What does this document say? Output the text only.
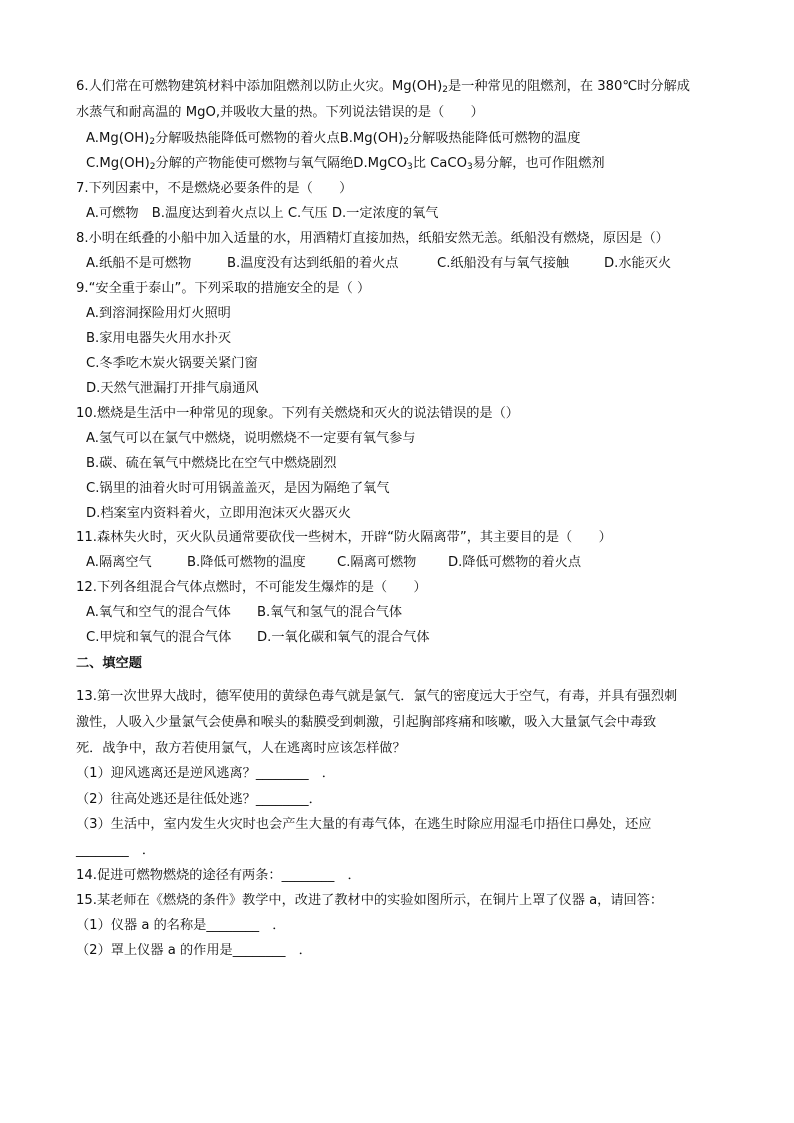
6.人们常在可燃物建筑材料中添加阻燃剂以防止火灾。$Mg(OH)_2$是一种常见的阻燃剂，在 380℃时分解成
水蒸气和耐高温的 MgO,并吸收大量的热。下列说法错误的是（　　）
$A.Mg(OH)_2$分解吸热能降低可燃物的着火点$B.Mg(OH)_2$分解吸热能降低可燃物的温度
$C.Mg(OH)_2$分解的产物能使可燃物与氧气隔绝D.MgCO$_3$比 CaCO$_3$易分解，也可作阻燃剂
7.下列因素中，不是燃烧必要条件的是（　　）
A.可燃物　B.温度达到着火点以上 C.气压 D.一定浓度的氧气
8.小明在纸叠的小船中加入适量的水，用酒精灯直接加热，纸船安然无恙。纸船没有燃烧，原因是（）
A.纸船不是可燃物	B.温度没有达到纸船的着火点	C.纸船没有与氧气接触	D.水能灭火
9.“安全重于泰山”。下列采取的措施安全的是（ ）
A.到溶洞探险用灯火照明
B.家用电器失火用水扑灭
C.冬季吃木炭火锅要关紧门窗
D.天然气泄漏打开排气扇通风
10.燃烧是生活中一种常见的现象。下列有关燃烧和灭火的说法错误的是（）
A.氢气可以在氯气中燃烧，说明燃烧不一定要有氧气参与
B.碳、硫在氧气中燃烧比在空气中燃烧剧烈
C.锅里的油着火时可用锅盖盖灭，是因为隔绝了氧气
D.档案室内资料着火，立即用泡沫灭火器灭火
11.森林失火时，灭火队员通常要砍伐一些树木，开辟“防火隔离带”，其主要目的是（　　）
A.隔离空气	B.降低可燃物的温度 C.隔离可燃物 D.降低可燃物的着火点
12.下列各组混合气体点燃时，不可能发生爆炸的是（　　）
A.氧气和空气的混合气体 B.氧气和氢气的混合气体
C.甲烷和氧气的混合气体 D.一氧化碳和氧气的混合气体
二、填空题
13.第一次世界大战时，德军使用的黄绿色毒气就是氯气．氯气的密度远大于空气，有毒，并具有强烈刺
激性，人吸入少量氯气会使鼻和喉头的黏膜受到刺激，引起胸部疼痛和咳嗽，吸入大量氯气会中毒致
死．战争中，敌方若使用氯气，人在逃离时应该怎样做？
（1）迎风逃离还是逆风逃离？________　．
（2）往高处逃还是往低处逃？________．
（3）生活中，室内发生火灾时也会产生大量的有毒气体，在逃生时除应用湿毛巾捂住口鼻处，还应
________　．
14.促进可燃物燃烧的途径有两条：________　．
15.某老师在《燃烧的条件》教学中，改进了教材中的实验如图所示，在铜片上罩了仪器 a，请回答：
（1）仪器 a 的名称是________　．
（2）罩上仪器 a 的作用是________　．
